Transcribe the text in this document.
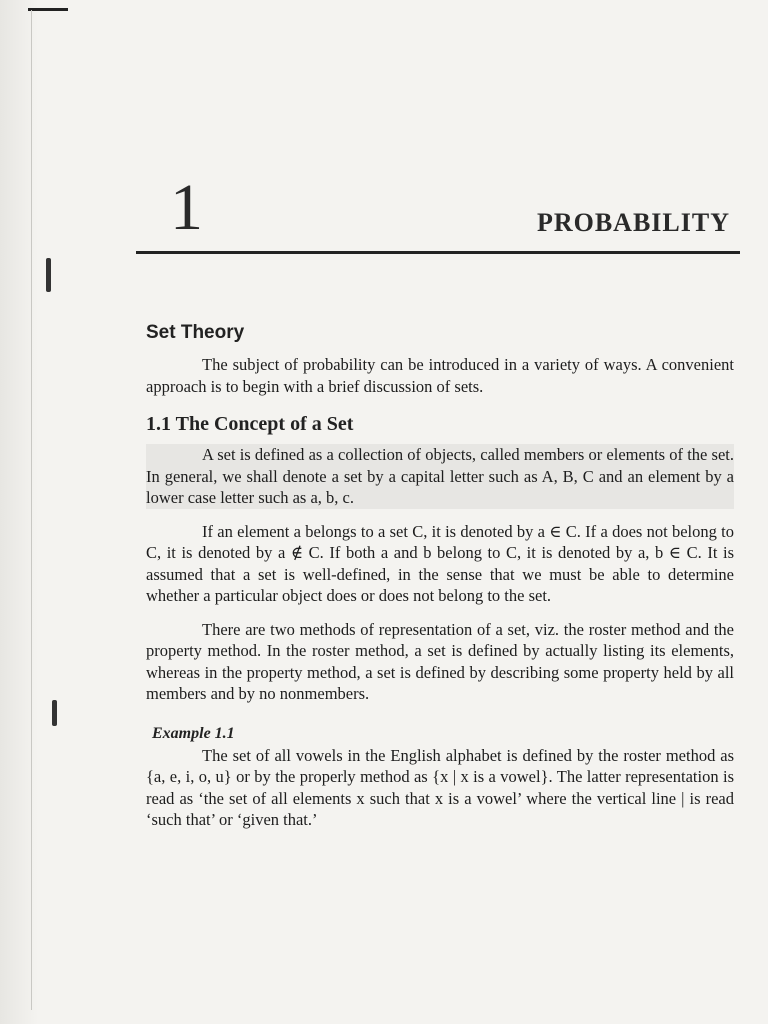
1	PROBABILITY
Set Theory

The subject of probability can be introduced in a variety of ways. A convenient approach is to begin with a brief discussion of sets.

1.1 The Concept of a Set

A set is defined as a collection of objects, called members or elements of the set. In general, we shall denote a set by a capital letter such as A, B, C and an element by a lower case letter such as a, b, c.

If an element a belongs to a set C, it is denoted by a ∈ C. If a does not belong to C, it is denoted by a ∉ C. If both a and b belong to C, it is denoted by a, b ∈ C. It is assumed that a set is well-defined, in the sense that we must be able to determine whether a particular object does or does not belong to the set.

There are two methods of representation of a set, viz. the roster method and the property method. In the roster method, a set is defined by actually listing its elements, whereas in the property method, a set is defined by describing some property held by all members and by no nonmembers.

Example 1.1

The set of all vowels in the English alphabet is defined by the roster method as {a, e, i, o, u} or by the properly method as {x | x is a vowel}. The latter representation is read as ‘the set of all elements x such that x is a vowel’ where the vertical line | is read ‘such that’ or ‘given that.’
